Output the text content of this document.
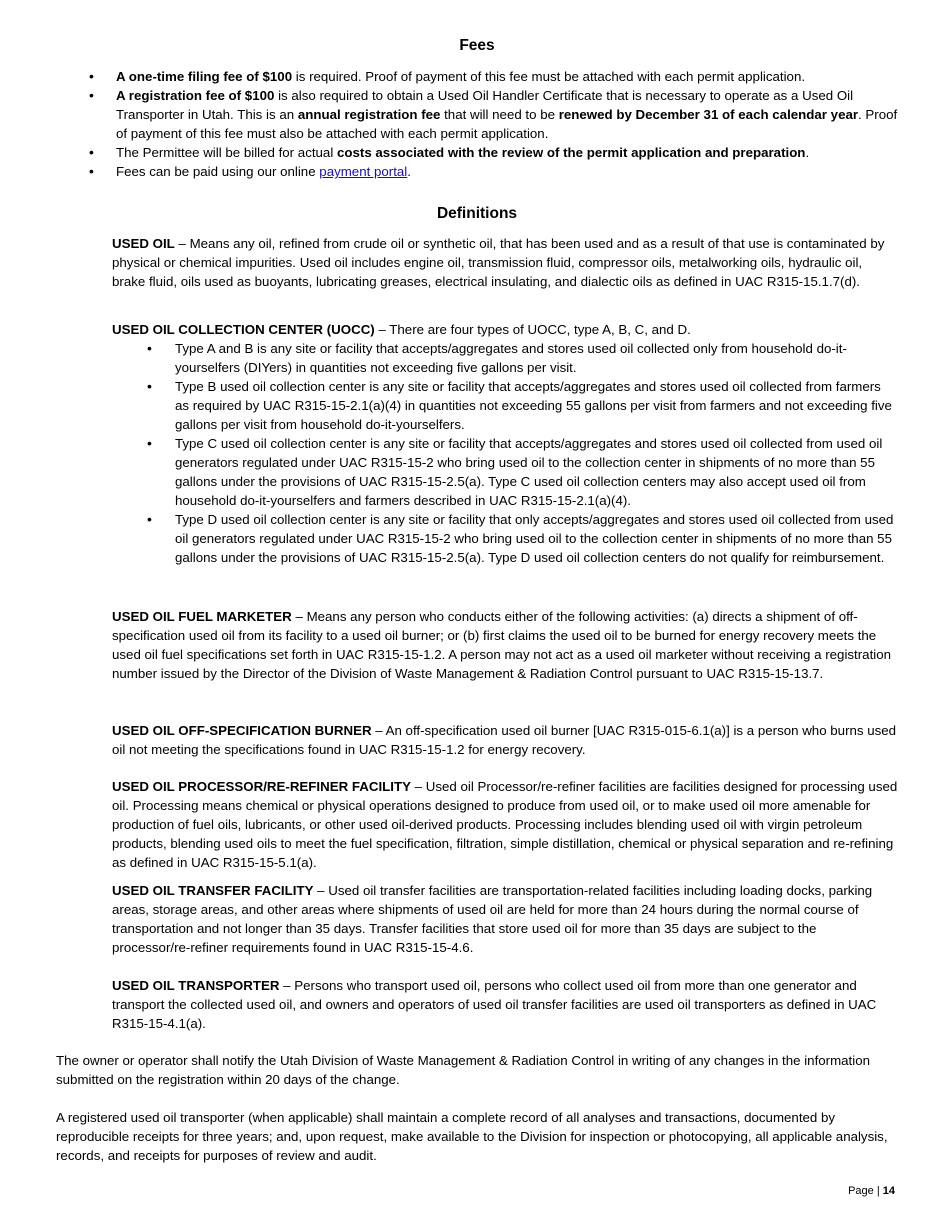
Fees
• A one-time filing fee of $100 is required. Proof of payment of this fee must be attached with each permit application.
• A registration fee of $100 is also required to obtain a Used Oil Handler Certificate that is necessary to operate as a Used Oil Transporter in Utah. This is an annual registration fee that will need to be renewed by December 31 of each calendar year. Proof of payment of this fee must also be attached with each permit application.
• The Permittee will be billed for actual costs associated with the review of the permit application and preparation.
• Fees can be paid using our online payment portal.
Definitions

USED OIL – Means any oil, refined from crude oil or synthetic oil, that has been used and as a result of that use is contaminated by physical or chemical impurities. Used oil includes engine oil, transmission fluid, compressor oils, metalworking oils, hydraulic oil, brake fluid, oils used as buoyants, lubricating greases, electrical insulating, and dialectic oils as defined in UAC R315-15.1.7(d).

USED OIL COLLECTION CENTER (UOCC) – There are four types of UOCC, type A, B, C, and D.

• Type A and B is any site or facility that accepts/aggregates and stores used oil collected only from household do-it-yourselfers (DIYers) in quantities not exceeding five gallons per visit.
• Type B used oil collection center is any site or facility that accepts/aggregates and stores used oil collected from farmers as required by UAC R315-15-2.1(a)(4) in quantities not exceeding 55 gallons per visit from farmers and not exceeding five gallons per visit from household do-it-yourselfers.
• Type C used oil collection center is any site or facility that accepts/aggregates and stores used oil collected from used oil generators regulated under UAC R315-15-2 who bring used oil to the collection center in shipments of no more than 55 gallons under the provisions of UAC R315-15-2.5(a). Type C used oil collection centers may also accept used oil from household do-it-yourselfers and farmers described in UAC R315-15-2.1(a)(4).
• Type D used oil collection center is any site or facility that only accepts/aggregates and stores used oil collected from used oil generators regulated under UAC R315-15-2 who bring used oil to the collection center in shipments of no more than 55 gallons under the provisions of UAC R315-15-2.5(a). Type D used oil collection centers do not qualify for reimbursement.

USED OIL FUEL MARKETER – Means any person who conducts either of the following activities: (a) directs a shipment of off-specification used oil from its facility to a used oil burner; or (b) first claims the used oil to be burned for energy recovery meets the used oil fuel specifications set forth in UAC R315-15-1.2. A person may not act as a used oil marketer without receiving a registration number issued by the Director of the Division of Waste Management & Radiation Control pursuant to UAC R315-15-13.7.

USED OIL OFF-SPECIFICATION BURNER – An off-specification used oil burner [UAC R315-015-6.1(a)] is a person who burns used oil not meeting the specifications found in UAC R315-15-1.2 for energy recovery.

USED OIL PROCESSOR/RE-REFINER FACILITY – Used oil Processor/re-refiner facilities are facilities designed for processing used oil. Processing means chemical or physical operations designed to produce from used oil, or to make used oil more amenable for production of fuel oils, lubricants, or other used oil-derived products. Processing includes blending used oil with virgin petroleum products, blending used oils to meet the fuel specification, filtration, simple distillation, chemical or physical separation and re-refining as defined in UAC R315-15-5.1(a).

USED OIL TRANSFER FACILITY – Used oil transfer facilities are transportation-related facilities including loading docks, parking areas, storage areas, and other areas where shipments of used oil are held for more than 24 hours during the normal course of transportation and not longer than 35 days. Transfer facilities that store used oil for more than 35 days are subject to the processor/re-refiner requirements found in UAC R315-15-4.6.

USED OIL TRANSPORTER – Persons who transport used oil, persons who collect used oil from more than one generator and transport the collected used oil, and owners and operators of used oil transfer facilities are used oil transporters as defined in UAC R315-15-4.1(a).

The owner or operator shall notify the Utah Division of Waste Management & Radiation Control in writing of any changes in the information submitted on the registration within 20 days of the change.

A registered used oil transporter (when applicable) shall maintain a complete record of all analyses and transactions, documented by reproducible receipts for three years; and, upon request, make available to the Division for inspection or photocopying, all applicable analysis, records, and receipts for purposes of review and audit.

Page | 14
